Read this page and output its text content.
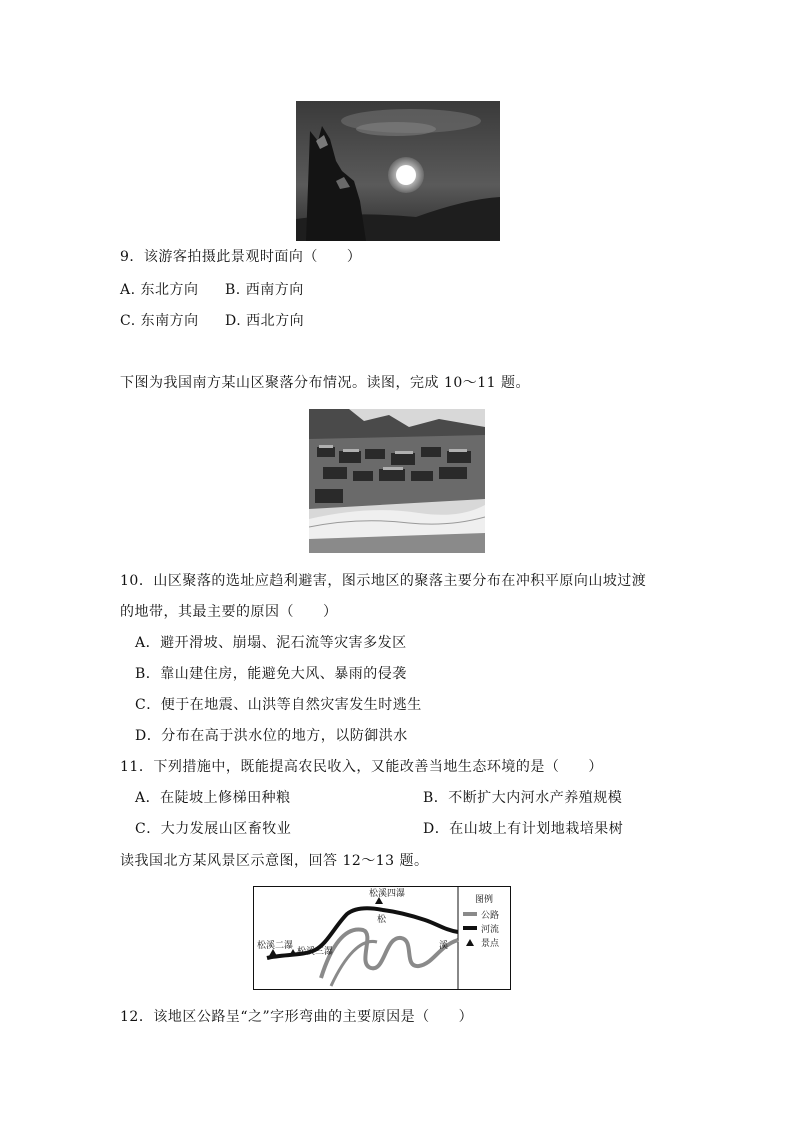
9．该游客拍摄此景观时面向（　　）
A. 东北方向 B. 西南方向
C. 东南方向 D. 西北方向
下图为我国南方某山区聚落分布情况。读图，完成 10～11 题。
10．山区聚落的选址应趋利避害，图示地区的聚落主要分布在冲积平原向山坡过渡
的地带，其最主要的原因（　　）
A．避开滑坡、崩塌、泥石流等灾害多发区
B．靠山建住房，能避免大风、暴雨的侵袭
C．便于在地震、山洪等自然灾害发生时逃生
D．分布在高于洪水位的地方，以防御洪水
11．下列措施中，既能提高农民收入，又能改善当地生态环境的是（　　）
A．在陡坡上修梯田种粮	B．不断扩大内河水产养殖规模
C．大力发展山区畜牧业	D．在山坡上有计划地栽培果树
读我国北方某风景区示意图，回答 12～13 题。
松溪二瀑
松溪三瀑
松溪四瀑
松
溪
图例
公路
河流
景点
12．该地区公路呈“之”字形弯曲的主要原因是（　　）
